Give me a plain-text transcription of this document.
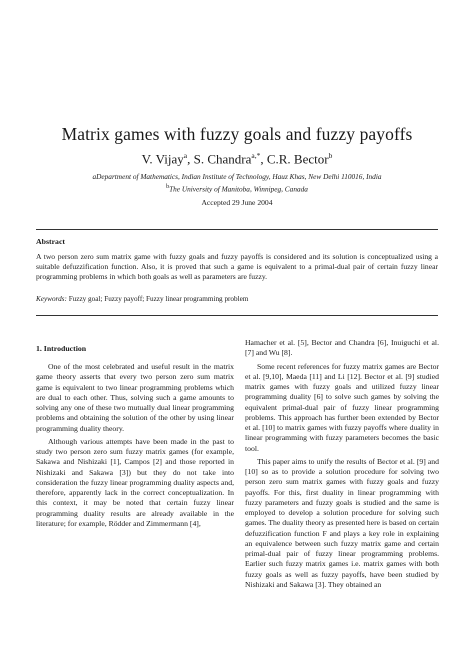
Matrix games with fuzzy goals and fuzzy payoffs
V. Vijay$^a$, S. Chandra$^{a,*}$, C.R. Bector$^b$
aDepartment of Mathematics, Indian Institute of Technology, Hauz Khas, New Delhi 110016, India
$^b$The University of Manitoba, Winnipeg, Canada
Accepted 29 June 2004
Abstract

A two person zero sum matrix game with fuzzy goals and fuzzy payoffs is considered and its solution is conceptualized using a suitable defuzzification function. Also, it is proved that such a game is equivalent to a primal-dual pair of certain fuzzy linear programming problems in which both goals as well as parameters are fuzzy.

Keywords: Fuzzy goal; Fuzzy payoff; Fuzzy linear programming problem
1. Introduction

One of the most celebrated and useful result in the matrix game theory asserts that every two person zero sum matrix game is equivalent to two linear programming problems which are dual to each other. Thus, solving such a game amounts to solving any one of these two mutually dual linear programming problems and obtaining the solution of the other by using linear programming duality theory.

Although various attempts have been made in the past to study two person zero sum fuzzy matrix games (for example, Sakawa and Nishizaki [1], Campos [2] and those reported in Nishizaki and Sakawa [3]) but they do not take into consideration the fuzzy linear programming duality aspects and, therefore, apparently lack in the correct conceptualization. In this context, it may be noted that certain fuzzy linear programming duality results are already available in the literature; for example, Rödder and Zimmermann [4],

Hamacher et al. [5], Bector and Chandra [6], Inuiguchi et al. [7] and Wu [8].

Some recent references for fuzzy matrix games are Bector et al. [9,10], Maeda [11] and Li [12]. Bector et al. [9] studied matrix games with fuzzy goals and utilized fuzzy linear programming duality [6] to solve such games by solving the equivalent primal-dual pair of fuzzy linear programming problems. This approach has further been extended by Bector et al. [10] to matrix games with fuzzy payoffs where duality in linear programming with fuzzy parameters becomes the basic tool.

This paper aims to unify the results of Bector et al. [9] and [10] so as to provide a solution procedure for solving two person zero sum matrix games with fuzzy goals and fuzzy payoffs. For this, first duality in linear programming with fuzzy parameters and fuzzy goals is studied and the same is employed to develop a solution procedure for solving such games. The duality theory as presented here is based on certain defuzzification function F and plays a key role in explaining an equivalence between such fuzzy matrix game and certain primal-dual pair of fuzzy linear programming problems. Earlier such fuzzy matrix games i.e. matrix games with both fuzzy goals as well as fuzzy payoffs, have been studied by Nishizaki and Sakawa [3]. They obtained an
